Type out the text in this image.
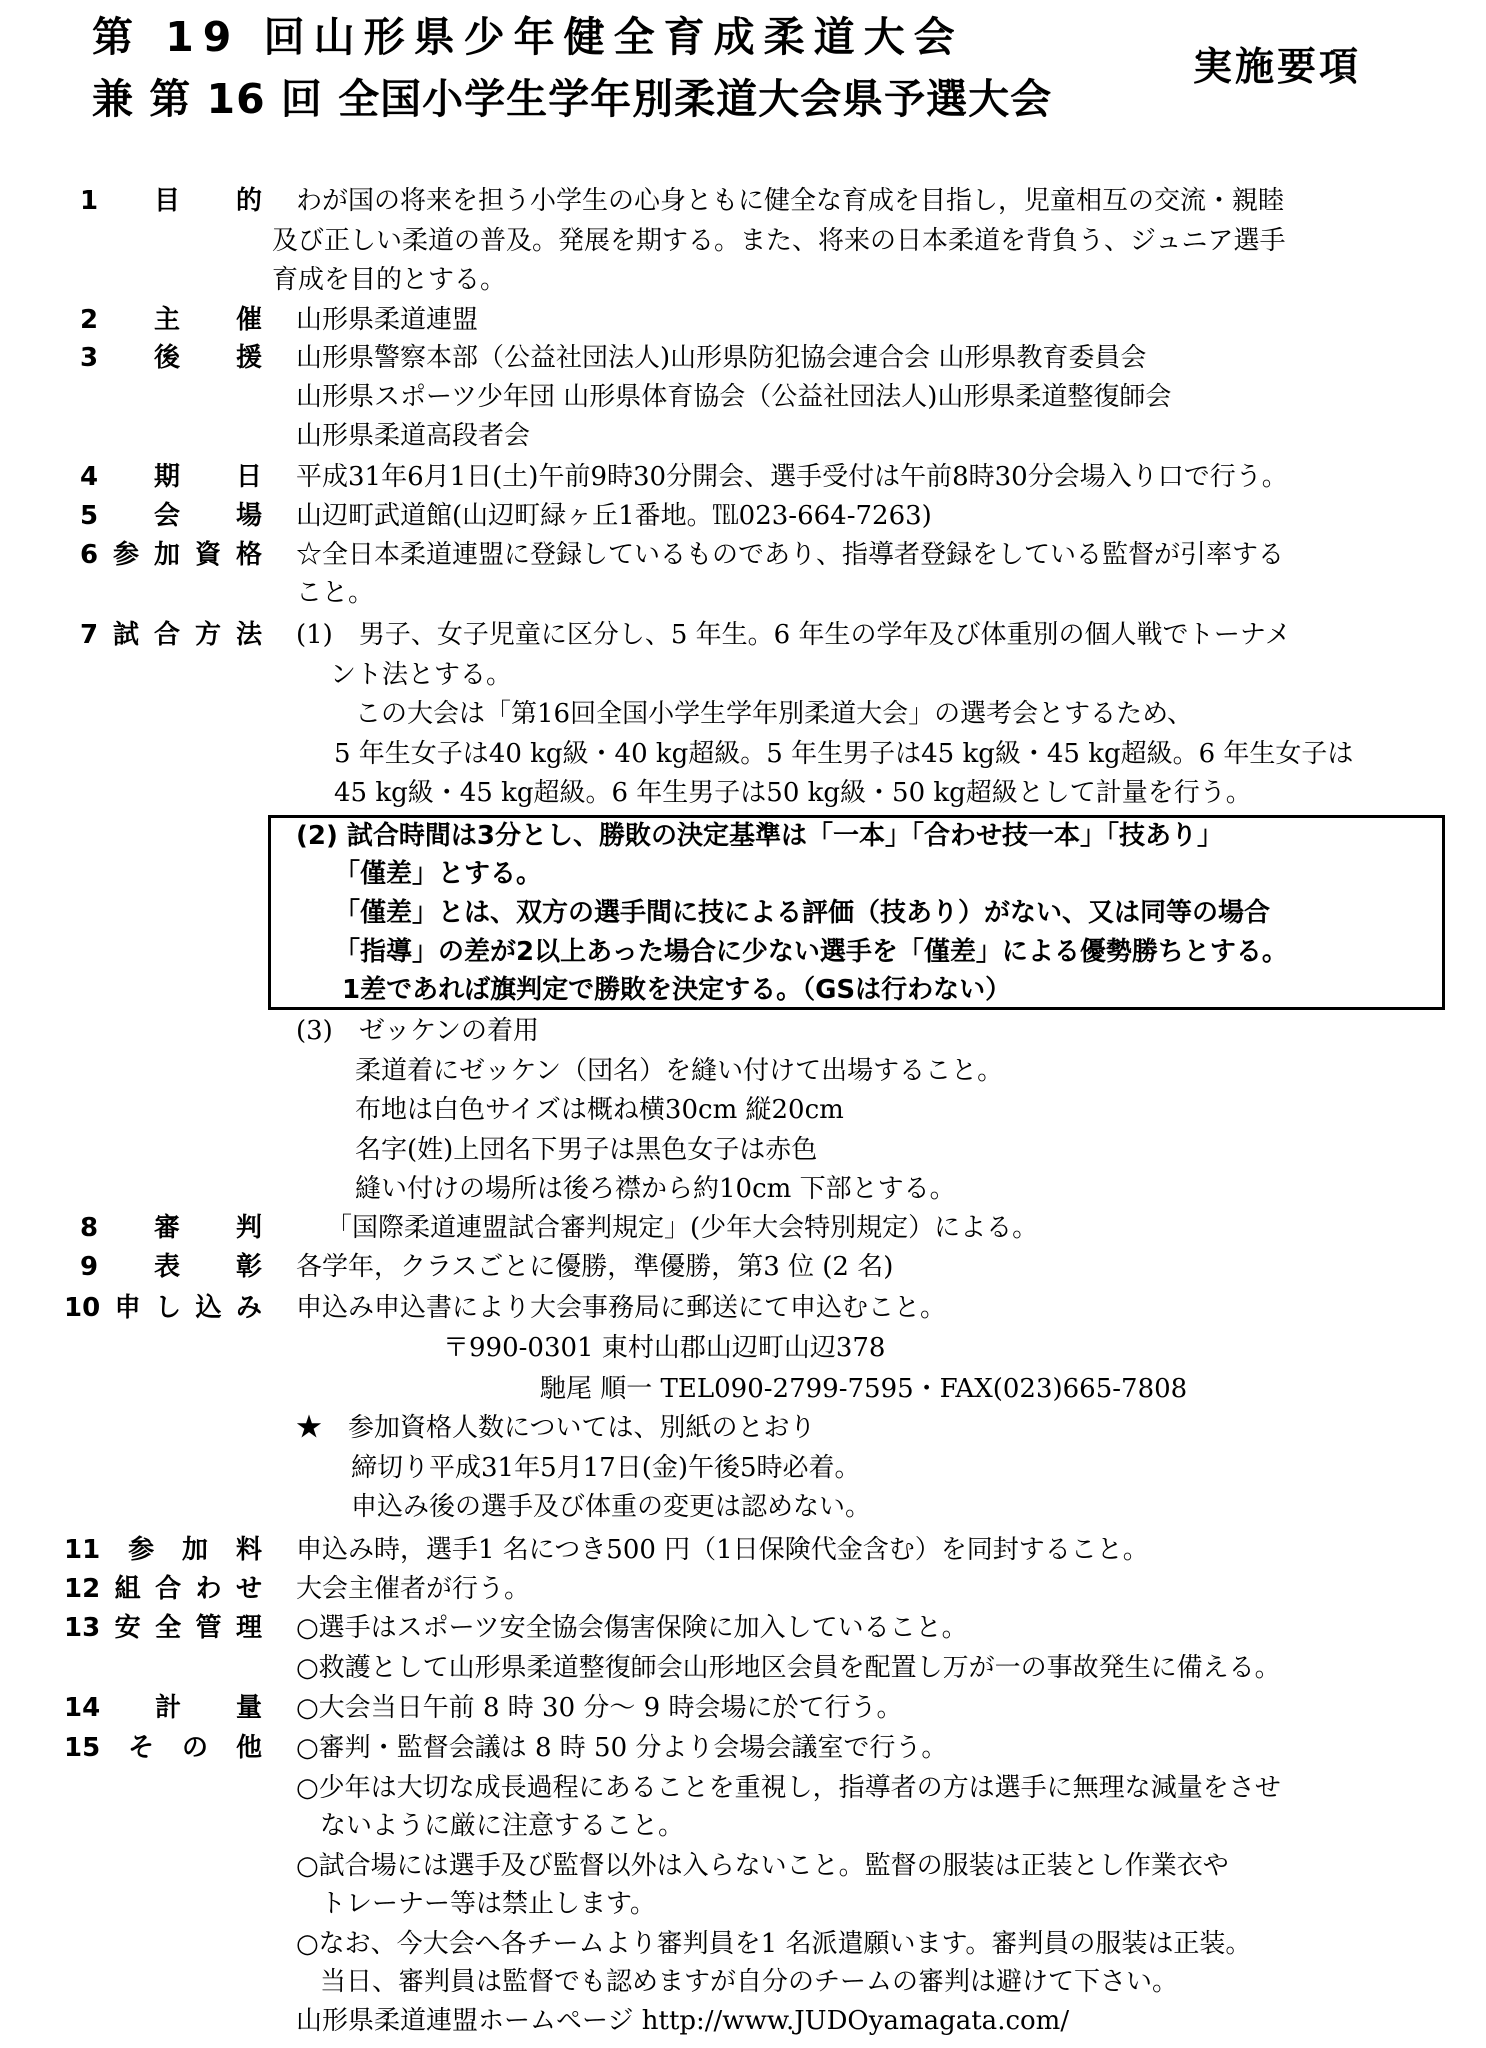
第 19 回山形県少年健全育成柔道大会
兼 第 16 回 全国小学生学年別柔道大会県予選大会
実施要項
1 目 的 わが国の将来を担う小学生の心身ともに健全な育成を目指し，児童相互の交流・親睦
及び正しい柔道の普及。発展を期する。また、将来の日本柔道を背負う、ジュニア選手
育成を目的とする。
2 主 催 山形県柔道連盟
3 後 援 山形県警察本部（公益社団法人)山形県防犯協会連合会 山形県教育委員会
山形県スポーツ少年団 山形県体育協会（公益社団法人)山形県柔道整復師会
山形県柔道高段者会
4 期 日 平成31年6月1日(土)午前9時30分開会、選手受付は午前8時30分会場入り口で行う。
5 会 場 山辺町武道館(山辺町緑ヶ丘1番地。℡023-664-7263)
6 参 加 資 格 ☆全日本柔道連盟に登録しているものであり、指導者登録をしている監督が引率する
こと。
7 試 合 方 法 (1)　男子、女子児童に区分し、5 年生。6 年生の学年及び体重別の個人戦でトーナメ
ント法とする。
この大会は「第16回全国小学生学年別柔道大会」の選考会とするため、
5 年生女子は40 kg級・40 kg超級。5 年生男子は45 kg級・45 kg超級。6 年生女子は
45 kg級・45 kg超級。6 年生男子は50 kg級・50 kg超級として計量を行う。
(2) 試合時間は3分とし、勝敗の決定基準は「一本」「合わせ技一本」「技あり」
「僅差」とする。
「僅差」とは、双方の選手間に技による評価（技あり）がない、又は同等の場合
「指導」の差が2以上あった場合に少ない選手を「僅差」による優勢勝ちとする。
1差であれば旗判定で勝敗を決定する。（GSは行わない）
(3)　ゼッケンの着用
柔道着にゼッケン（団名）を縫い付けて出場すること。
布地は白色サイズは概ね横30cm 縦20cm
名字(姓)上団名下男子は黒色女子は赤色
縫い付けの場所は後ろ襟から約10cm 下部とする。
8 審 判 「国際柔道連盟試合審判規定」(少年大会特別規定）による。
9 表 彰 各学年，クラスごとに優勝，準優勝，第3 位 (2 名)
10 申 し 込 み 申込み申込書により大会事務局に郵送にて申込むこと。
〒990-0301 東村山郡山辺町山辺378
馳尾 順一 TEL090-2799-7595・FAX(023)665-7808
★　参加資格人数については、別紙のとおり
締切り平成31年5月17日(金)午後5時必着。
申込み後の選手及び体重の変更は認めない。
11 参 加 料 申込み時，選手1 名につき500 円（1日保険代金含む）を同封すること。
12 組 合 わ せ 大会主催者が行う。
13 安 全 管 理 ○選手はスポーツ安全協会傷害保険に加入していること。
○救護として山形県柔道整復師会山形地区会員を配置し万が一の事故発生に備える。
14 計 量 ○大会当日午前 8 時 30 分～ 9 時会場に於て行う。
15 そ の 他 ○審判・監督会議は 8 時 50 分より会場会議室で行う。
○少年は大切な成長過程にあることを重視し，指導者の方は選手に無理な減量をさせ
ないように厳に注意すること。
○試合場には選手及び監督以外は入らないこと。監督の服装は正装とし作業衣や
トレーナー等は禁止します。
○なお、今大会へ各チームより審判員を1 名派遣願います。審判員の服装は正装。
当日、審判員は監督でも認めますが自分のチームの審判は避けて下さい。
山形県柔道連盟ホームページ http://www.JUDOyamagata.com/
